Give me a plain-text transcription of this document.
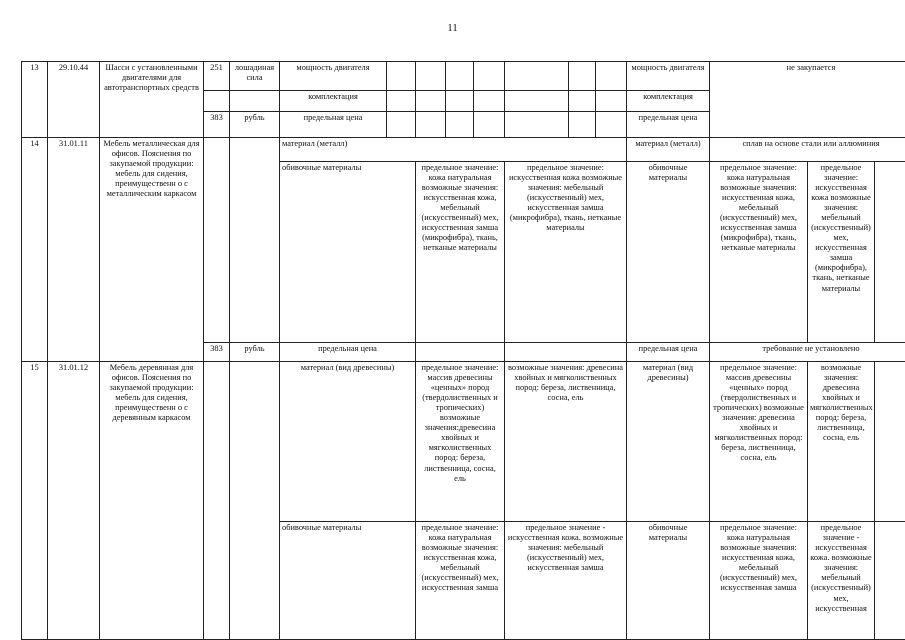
11
13	29.10.44	Шасси с установленными двигателями для автотранспортных средств	251	лошадиная сила	мощность двигателя								мощность двигателя	не закупается			
					комплектация								комплектация				
			383	рубль	предельная цена								предельная цена				
14	31.01.11	Мебель металлическая для офисов. Пояснения по закупаемой продукции: мебель для сидения, преимущественн о с металлическим каркасом			материал (металл)								материал (металл)	сплав на основе стали или аллюминия			
					обивочные материалы		предельное значение: кожа натуральная возможные значения: искусственная кожа, мебельный (искусственный) мех, искусственная замша (микрофибра), ткань, нетканые материалы			предельное значение: искусственная кожа возможные значения: мебельный (искусственный) мех, искусственная замша (микрофибра), ткань, нетканые материалы			обивочные материалы	предельное значение: кожа натуральная возможные значения: искусственная кожа, мебельный (искусственный) мех, искусственная замша (микрофибра), ткань, нетканые материалы	предельное значение: искусственная кожа возможные значения: мебельный (искусственный) мех, искусственная замша (микрофибра), ткань, нетканые материалы		
			383	рубль	предельная цена								предельная цена	требование не установлено			
15	31.01.12	Мебель деревянная для офисов. Пояснения по закупаемой продукции: мебель для сидения, преимущественн о с деревянным каркасом			материал (вид древесины)		предельное значение: массив древесины «ценных» пород (твердолиственных и тропических) возможные значения:древесина хвойных и мягколиственных пород: береза, лиственница, сосна, ель			возможные значения: древесина хвойных и мягколиственных пород: береза, лиственница, сосна, ель			материал (вид древесины)	предельное значение: массив древесины «ценных» пород (твердолиственных и тропических) возможные значения: древесина хвойных и мягколиственных пород: береза, лиственница, сосна, ель	возможные значения: древесина хвойных и мягколиственных пород: береза, лиственница, сосна, ель		
					обивочные материалы		предельное значение: кожа натуральная возможные значения: искусственная кожа, мебельный (искусственный) мех, искусственная замша			предельное значение - искусственная кожа. возможные значения: мебельный (искусственный) мех, искусственная замша			обивочные материалы	предельное значение: кожа натуральная возможные значения: искусственная кожа, мебельный (искусственный) мех, искусственная замша	предельное значение - искусственная кожа. возможные значения: мебельный (искусственный) мех, искусственная		
